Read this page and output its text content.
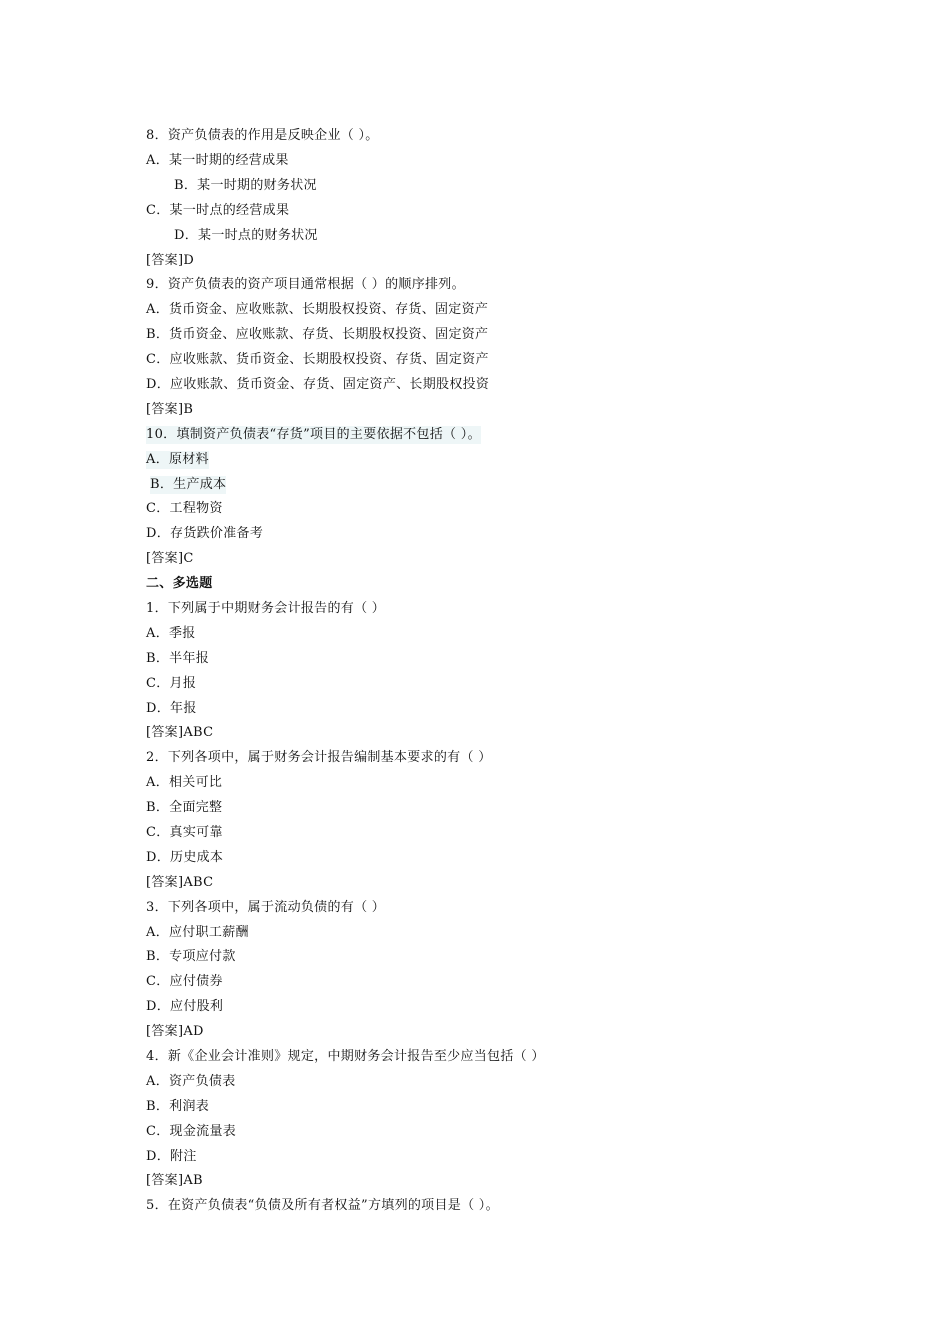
8．资产负债表的作用是反映企业（ ）。
A．某一时期的经营成果
B．某一时期的财务状况
C．某一时点的经营成果
D．某一时点的财务状况
[答案]D
9．资产负债表的资产项目通常根据（ ）的顺序排列。
A．货币资金、应收账款、长期股权投资、存货、固定资产
B．货币资金、应收账款、存货、长期股权投资、固定资产
C．应收账款、货币资金、长期股权投资、存货、固定资产
D．应收账款、货币资金、存货、固定资产、长期股权投资
[答案]B
10．填制资产负债表“存货”项目的主要依据不包括（ ）。
A．原材料
B．生产成本
C．工程物资
D．存货跌价准备考
[答案]C
二、多选题
1．下列属于中期财务会计报告的有（ ）
A．季报
B．半年报
C．月报
D．年报
[答案]ABC
2．下列各项中，属于财务会计报告编制基本要求的有（ ）
A．相关可比
B．全面完整
C．真实可靠
D．历史成本
[答案]ABC
3．下列各项中，属于流动负债的有（ ）
A．应付职工薪酬
B．专项应付款
C．应付债券
D．应付股利
[答案]AD
4．新《企业会计准则》规定，中期财务会计报告至少应当包括（ ）
A．资产负债表
B．利润表
C．现金流量表
D．附注
[答案]AB
5．在资产负债表“负债及所有者权益”方填列的项目是（ ）。
